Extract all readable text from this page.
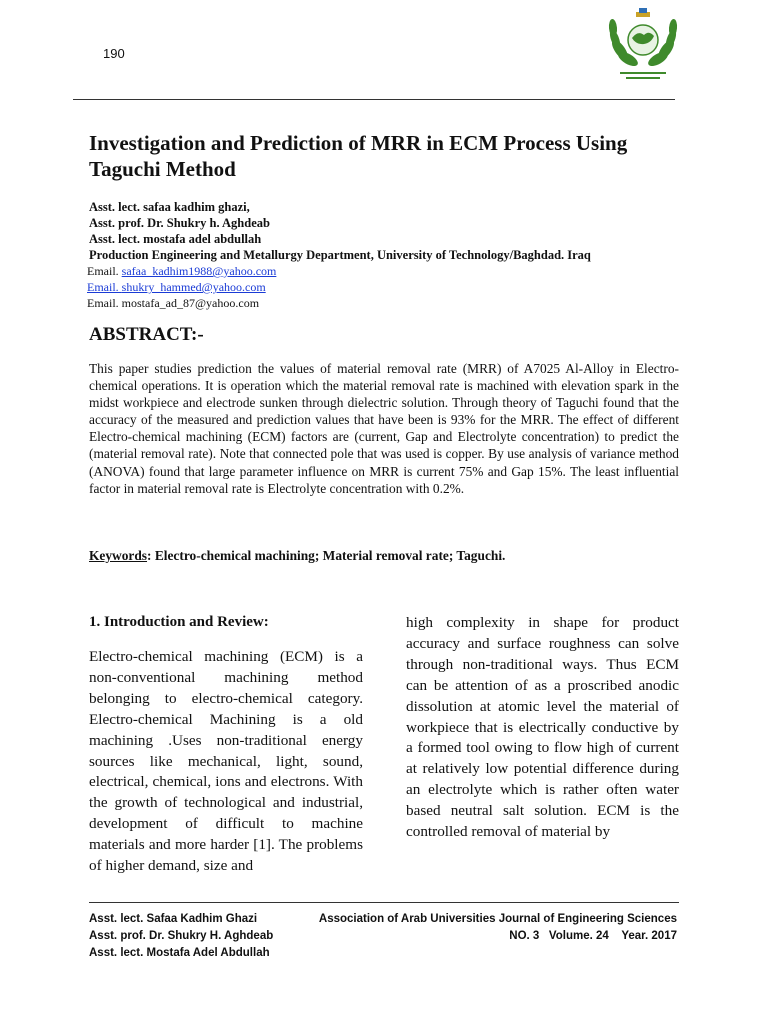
190
Investigation and Prediction of MRR in ECM Process Using Taguchi Method
Asst. lect. safaa kadhim ghazi,
Asst. prof. Dr. Shukry h. Aghdeab
Asst. lect. mostafa adel abdullah
Production Engineering and Metallurgy Department, University of Technology/Baghdad. Iraq
Email. safaa_kadhim1988@yahoo.com
Email. shukry_hammed@yahoo.com
Email. mostafa_ad_87@yahoo.com
ABSTRACT:-

This paper studies prediction the values of material removal rate (MRR) of A7025 Al-Alloy in Electro-chemical operations. It is operation which the material removal rate is machined with elevation spark in the midst workpiece and electrode sunken through dielectric solution. Through theory of Taguchi found that the accuracy of the measured and prediction values that have been is 93% for the MRR. The effect of different Electro-chemical machining (ECM) factors are (current, Gap and Electrolyte concentration) to predict the (material removal rate). Note that connected pole that was used is copper. By use analysis of variance method (ANOVA) found that large parameter influence on MRR is current 75% and Gap 15%. The least influential factor in material removal rate is Electrolyte concentration with 0.2%.

Keywords: Electro-chemical machining; Material removal rate; Taguchi.
1. Introduction and Review:

Electro-chemical machining (ECM) is a non-conventional machining method belonging to electro-chemical category. Electro-chemical Machining is a old machining .Uses non-traditional energy sources like mechanical, light, sound, electrical, chemical, ions and electrons. With the growth of technological and industrial, development of difficult to machine materials and more harder [1]. The problems of higher demand, size and

high complexity in shape for product accuracy and surface roughness can solve through non-traditional ways. Thus ECM can be attention of as a proscribed anodic dissolution at atomic level the material of workpiece that is electrically conductive by a formed tool owing to flow high of current at relatively low potential difference during an electrolyte which is rather often water based neutral salt solution. ECM is the controlled removal of material by

Asst. lect. Safaa Kadhim Ghazi
Asst. prof. Dr. Shukry H. Aghdeab
Asst. lect. Mostafa Adel Abdullah
Association of Arab Universities Journal of Engineering Sciences
NO. 3   Volume. 24    Year. 2017
